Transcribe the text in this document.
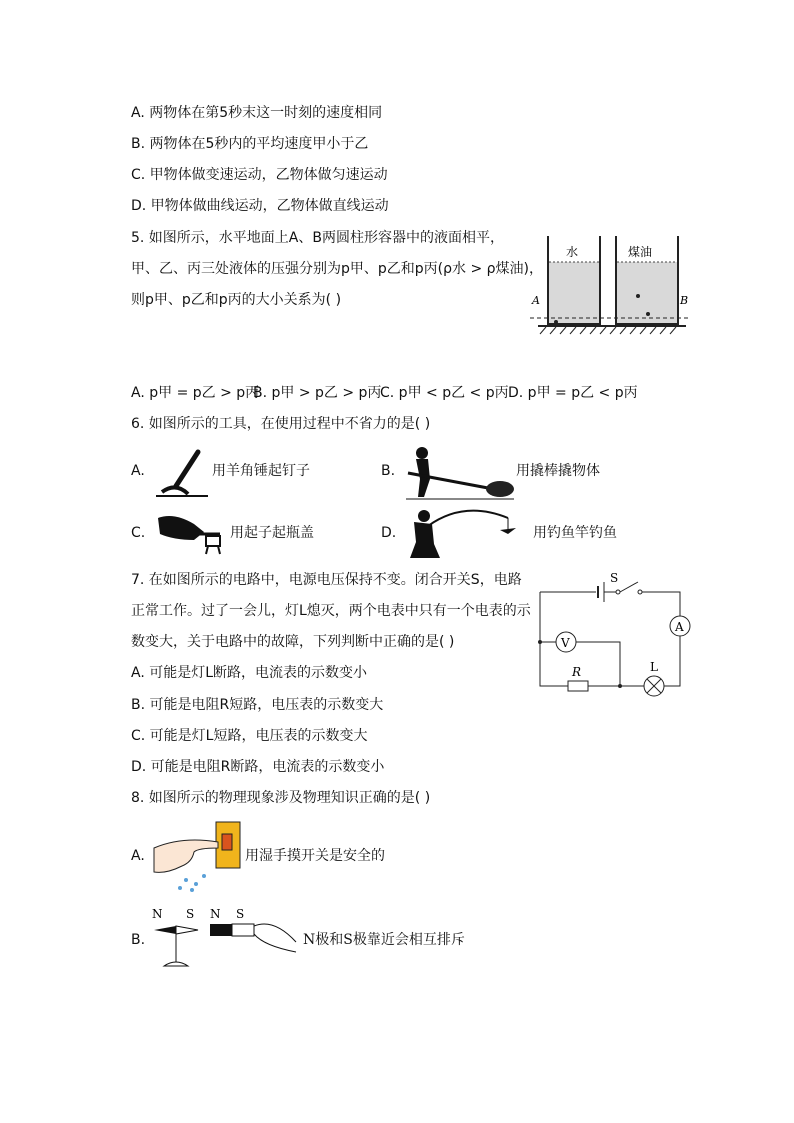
A. 两物体在第5秒末这一时刻的速度相同
B. 两物体在5秒内的平均速度甲小于乙
C. 甲物体做变速运动，乙物体做匀速运动
D. 甲物体做曲线运动，乙物体做直线运动
5. 如图所示，水平地面上A、B两圆柱形容器中的液面相平，
甲、乙、丙三处液体的压强分别为p甲、p乙和p丙(ρ水 > ρ煤油)，
则p甲、p乙和p丙的大小关系为( )
水	煤油
A	B
A. p甲 = p乙 > p丙
B. p甲 > p乙 > p丙
C. p甲 < p乙 < p丙 D. p甲 = p乙 < p丙
6. 如图所示的工具，在使用过程中不省力的是( )
A.	用羊角锤起钉子	B.	用撬棒撬物体
C.	用起子起瓶盖	D.	用钓鱼竿钓鱼
7. 在如图所示的电路中，电源电压保持不变。闭合开关S，电路
正常工作。过了一会儿，灯L熄灭，两个电表中只有一个电表的示
数变大，关于电路中的故障，下列判断中正确的是( )
A. 可能是灯L断路，电流表的示数变小
B. 可能是电阻R短路，电压表的示数变大
C. 可能是灯L短路，电压表的示数变大
D. 可能是电阻R断路，电流表的示数变小
S
A
V
R	L
8. 如图所示的物理现象涉及物理知识正确的是( )
A.	用湿手摸开关是安全的
B.
N S N S
N极和S极靠近会相互排斥
